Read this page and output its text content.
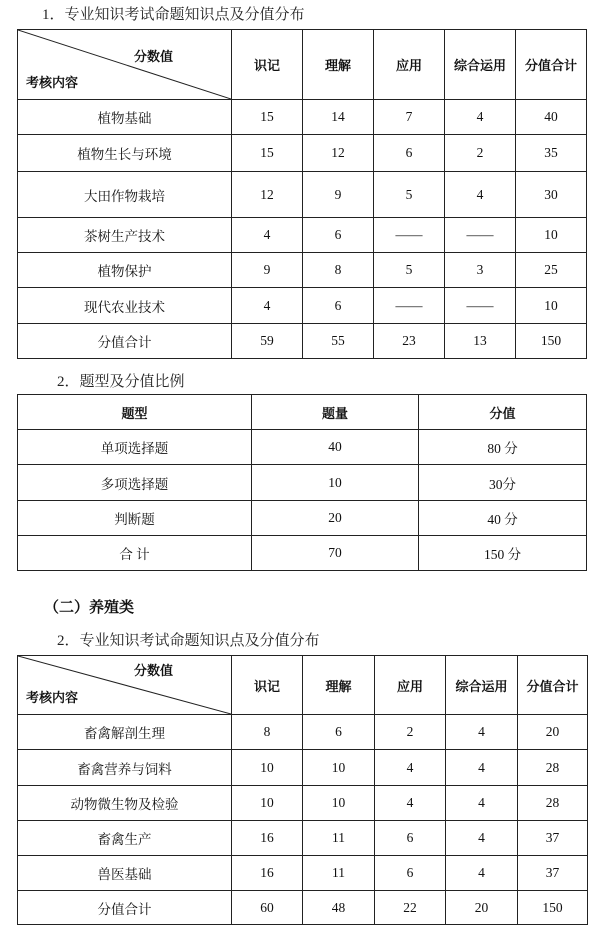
1．专业知识考试命题知识点及分值分布
分数值
考核内容	识记	理解	应用	综合运用	分值合计
植物基础	15	14	7	4	40
植物生长与环境	15	12	6	2	35
大田作物栽培	12	9	5	4	30
茶树生产技术	4	6	——	——	10
植物保护	9	8	5	3	25
现代农业技术	4	6	——	——	10
分值合计	59	55	23	13	150
2．题型及分值比例
题型	题量	分值
单项选择题	40	80 分
多项选择题	10	30分
判断题	20	40 分
合 计	70	150 分
（二）养殖类
2．专业知识考试命题知识点及分值分布
分数值
考核内容	识记	理解	应用	综合运用	分值合计
畜禽解剖生理	8	6	2	4	20
畜禽营养与饲料	10	10	4	4	28
动物微生物及检验	10	10	4	4	28
畜禽生产	16	11	6	4	37
兽医基础	16	11	6	4	37
分值合计	60	48	22	20	150
